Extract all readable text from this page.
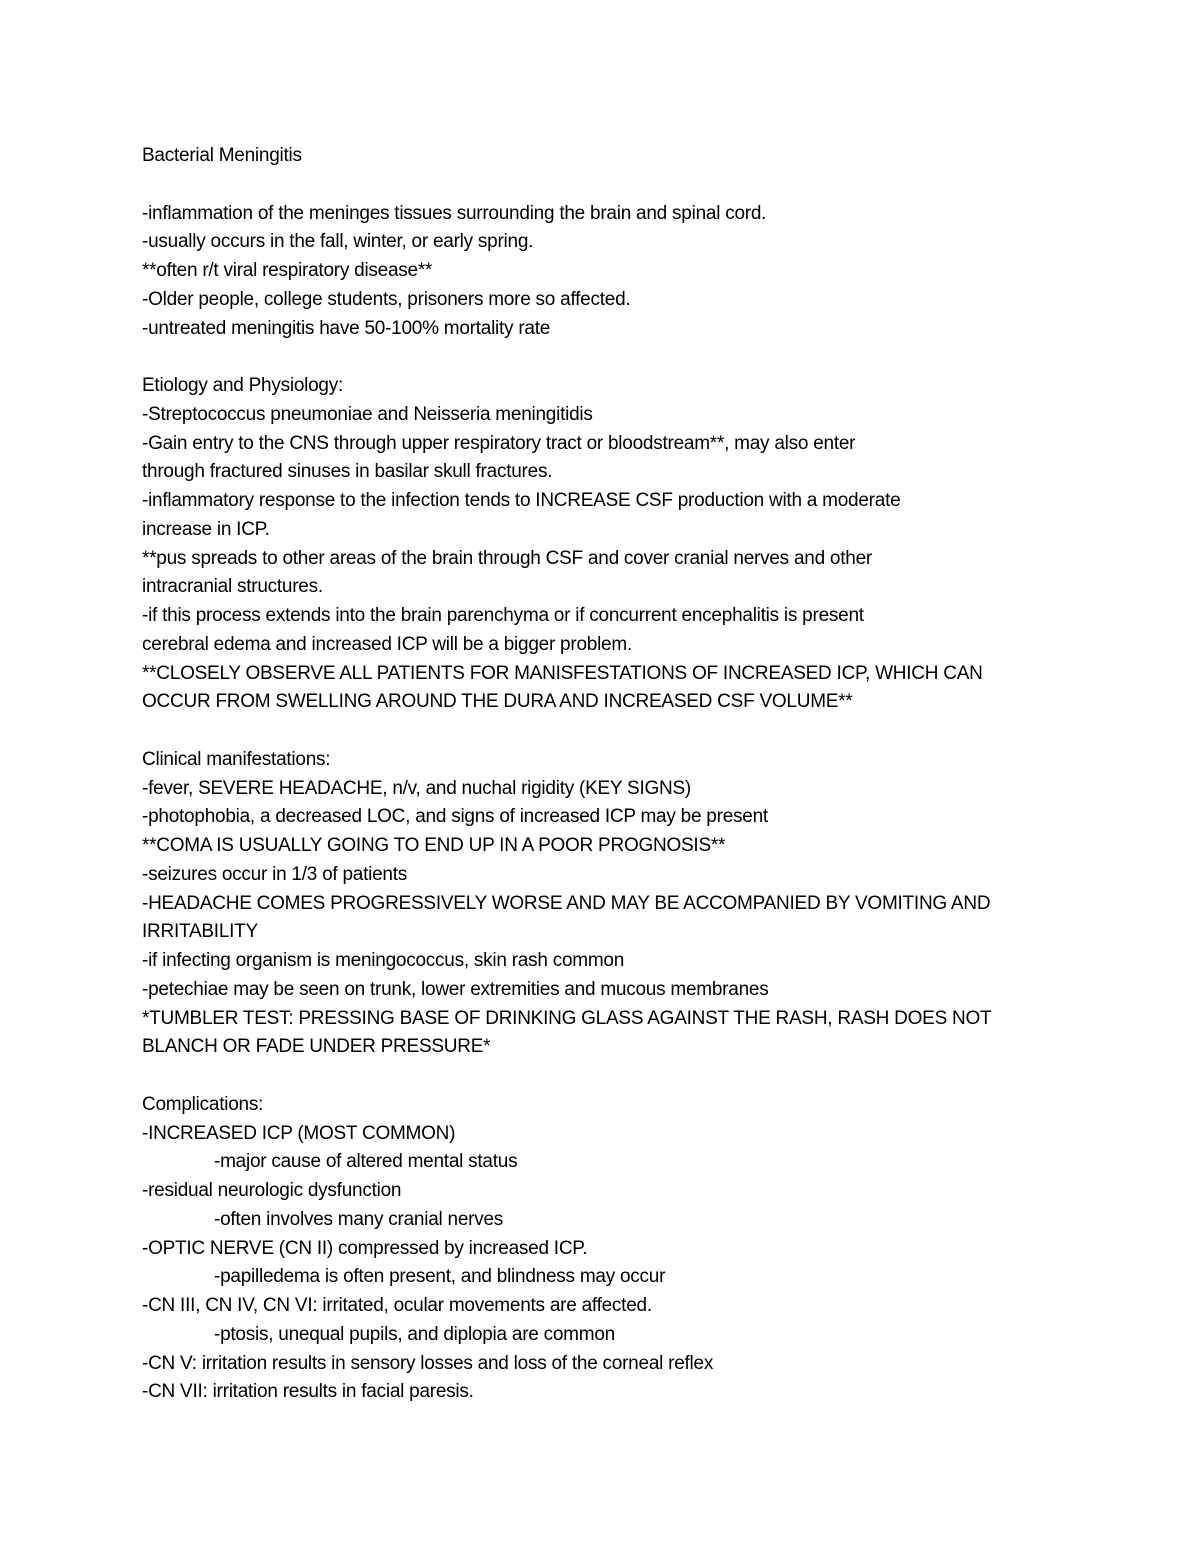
Bacterial Meningitis
-inflammation of the meninges tissues surrounding the brain and spinal cord.
-usually occurs in the fall, winter, or early spring.
**often r/t viral respiratory disease**
-Older people, college students, prisoners more so affected.
-untreated meningitis have 50-100% mortality rate
Etiology and Physiology:
-Streptococcus pneumoniae and Neisseria meningitidis
-Gain entry to the CNS through upper respiratory tract or bloodstream**, may also enter
through fractured sinuses in basilar skull fractures.
-inflammatory response to the infection tends to INCREASE CSF production with a moderate
increase in ICP.
**pus spreads to other areas of the brain through CSF and cover cranial nerves and other
intracranial structures.
-if this process extends into the brain parenchyma or if concurrent encephalitis is present
cerebral edema and increased ICP will be a bigger problem.
**CLOSELY OBSERVE ALL PATIENTS FOR MANISFESTATIONS OF INCREASED ICP, WHICH CAN
OCCUR FROM SWELLING AROUND THE DURA AND INCREASED CSF VOLUME**
Clinical manifestations:
-fever, SEVERE HEADACHE, n/v, and nuchal rigidity (KEY SIGNS)
-photophobia, a decreased LOC, and signs of increased ICP may be present
**COMA IS USUALLY GOING TO END UP IN A POOR PROGNOSIS**
-seizures occur in 1/3 of patients
-HEADACHE COMES PROGRESSIVELY WORSE AND MAY BE ACCOMPANIED BY VOMITING AND
IRRITABILITY
-if infecting organism is meningococcus, skin rash common
-petechiae may be seen on trunk, lower extremities and mucous membranes
*TUMBLER TEST: PRESSING BASE OF DRINKING GLASS AGAINST THE RASH, RASH DOES NOT
BLANCH OR FADE UNDER PRESSURE*
Complications:
-INCREASED ICP (MOST COMMON)
-major cause of altered mental status
-residual neurologic dysfunction
-often involves many cranial nerves
-OPTIC NERVE (CN II) compressed by increased ICP.
-papilledema is often present, and blindness may occur
-CN III, CN IV, CN VI: irritated, ocular movements are affected.
-ptosis, unequal pupils, and diplopia are common
-CN V: irritation results in sensory losses and loss of the corneal reflex
-CN VII: irritation results in facial paresis.
